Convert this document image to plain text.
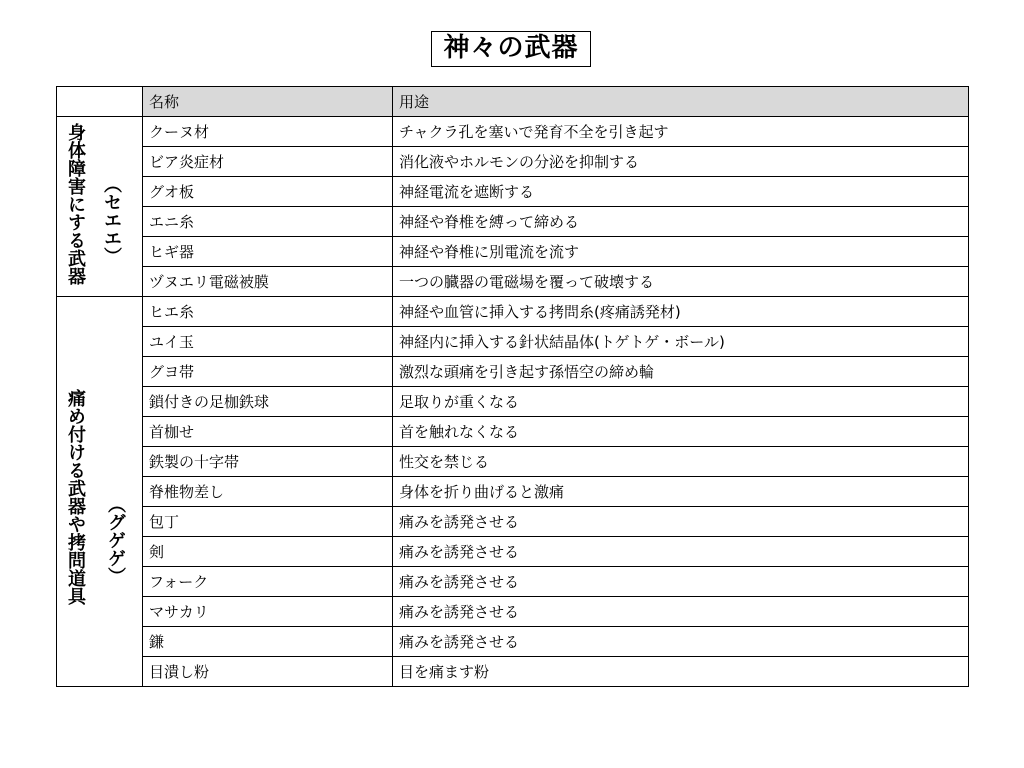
神々の武器
	名称	用途

身体障害にする武器 （セエエ）	クーヌ材	チャクラ孔を塞いで発育不全を引き起す
	ビア炎症材	消化液やホルモンの分泌を抑制する
	グオ板	神経電流を遮断する
	エニ糸	神経や脊椎を縛って締める
	ヒギ器	神経や脊椎に別電流を流す
	ヅヌエリ電磁被膜	一つの臓器の電磁場を覆って破壊する

痛め付ける武器や拷問道具 （グゲゲ）	ヒエ糸	神経や血管に挿入する拷問糸(疼痛誘発材)
	ユイ玉	神経内に挿入する針状結晶体(トゲトゲ・ボール)
	グヨ帯	激烈な頭痛を引き起す孫悟空の締め輪
	鎖付きの足枷鉄球	足取りが重くなる
	首枷せ	首を触れなくなる
	鉄製の十字帯	性交を禁じる
	脊椎物差し	身体を折り曲げると激痛
	包丁	痛みを誘発させる
	剣	痛みを誘発させる
	フォーク	痛みを誘発させる
	マサカリ	痛みを誘発させる
	鎌	痛みを誘発させる
	目潰し粉	目を痛ます粉
